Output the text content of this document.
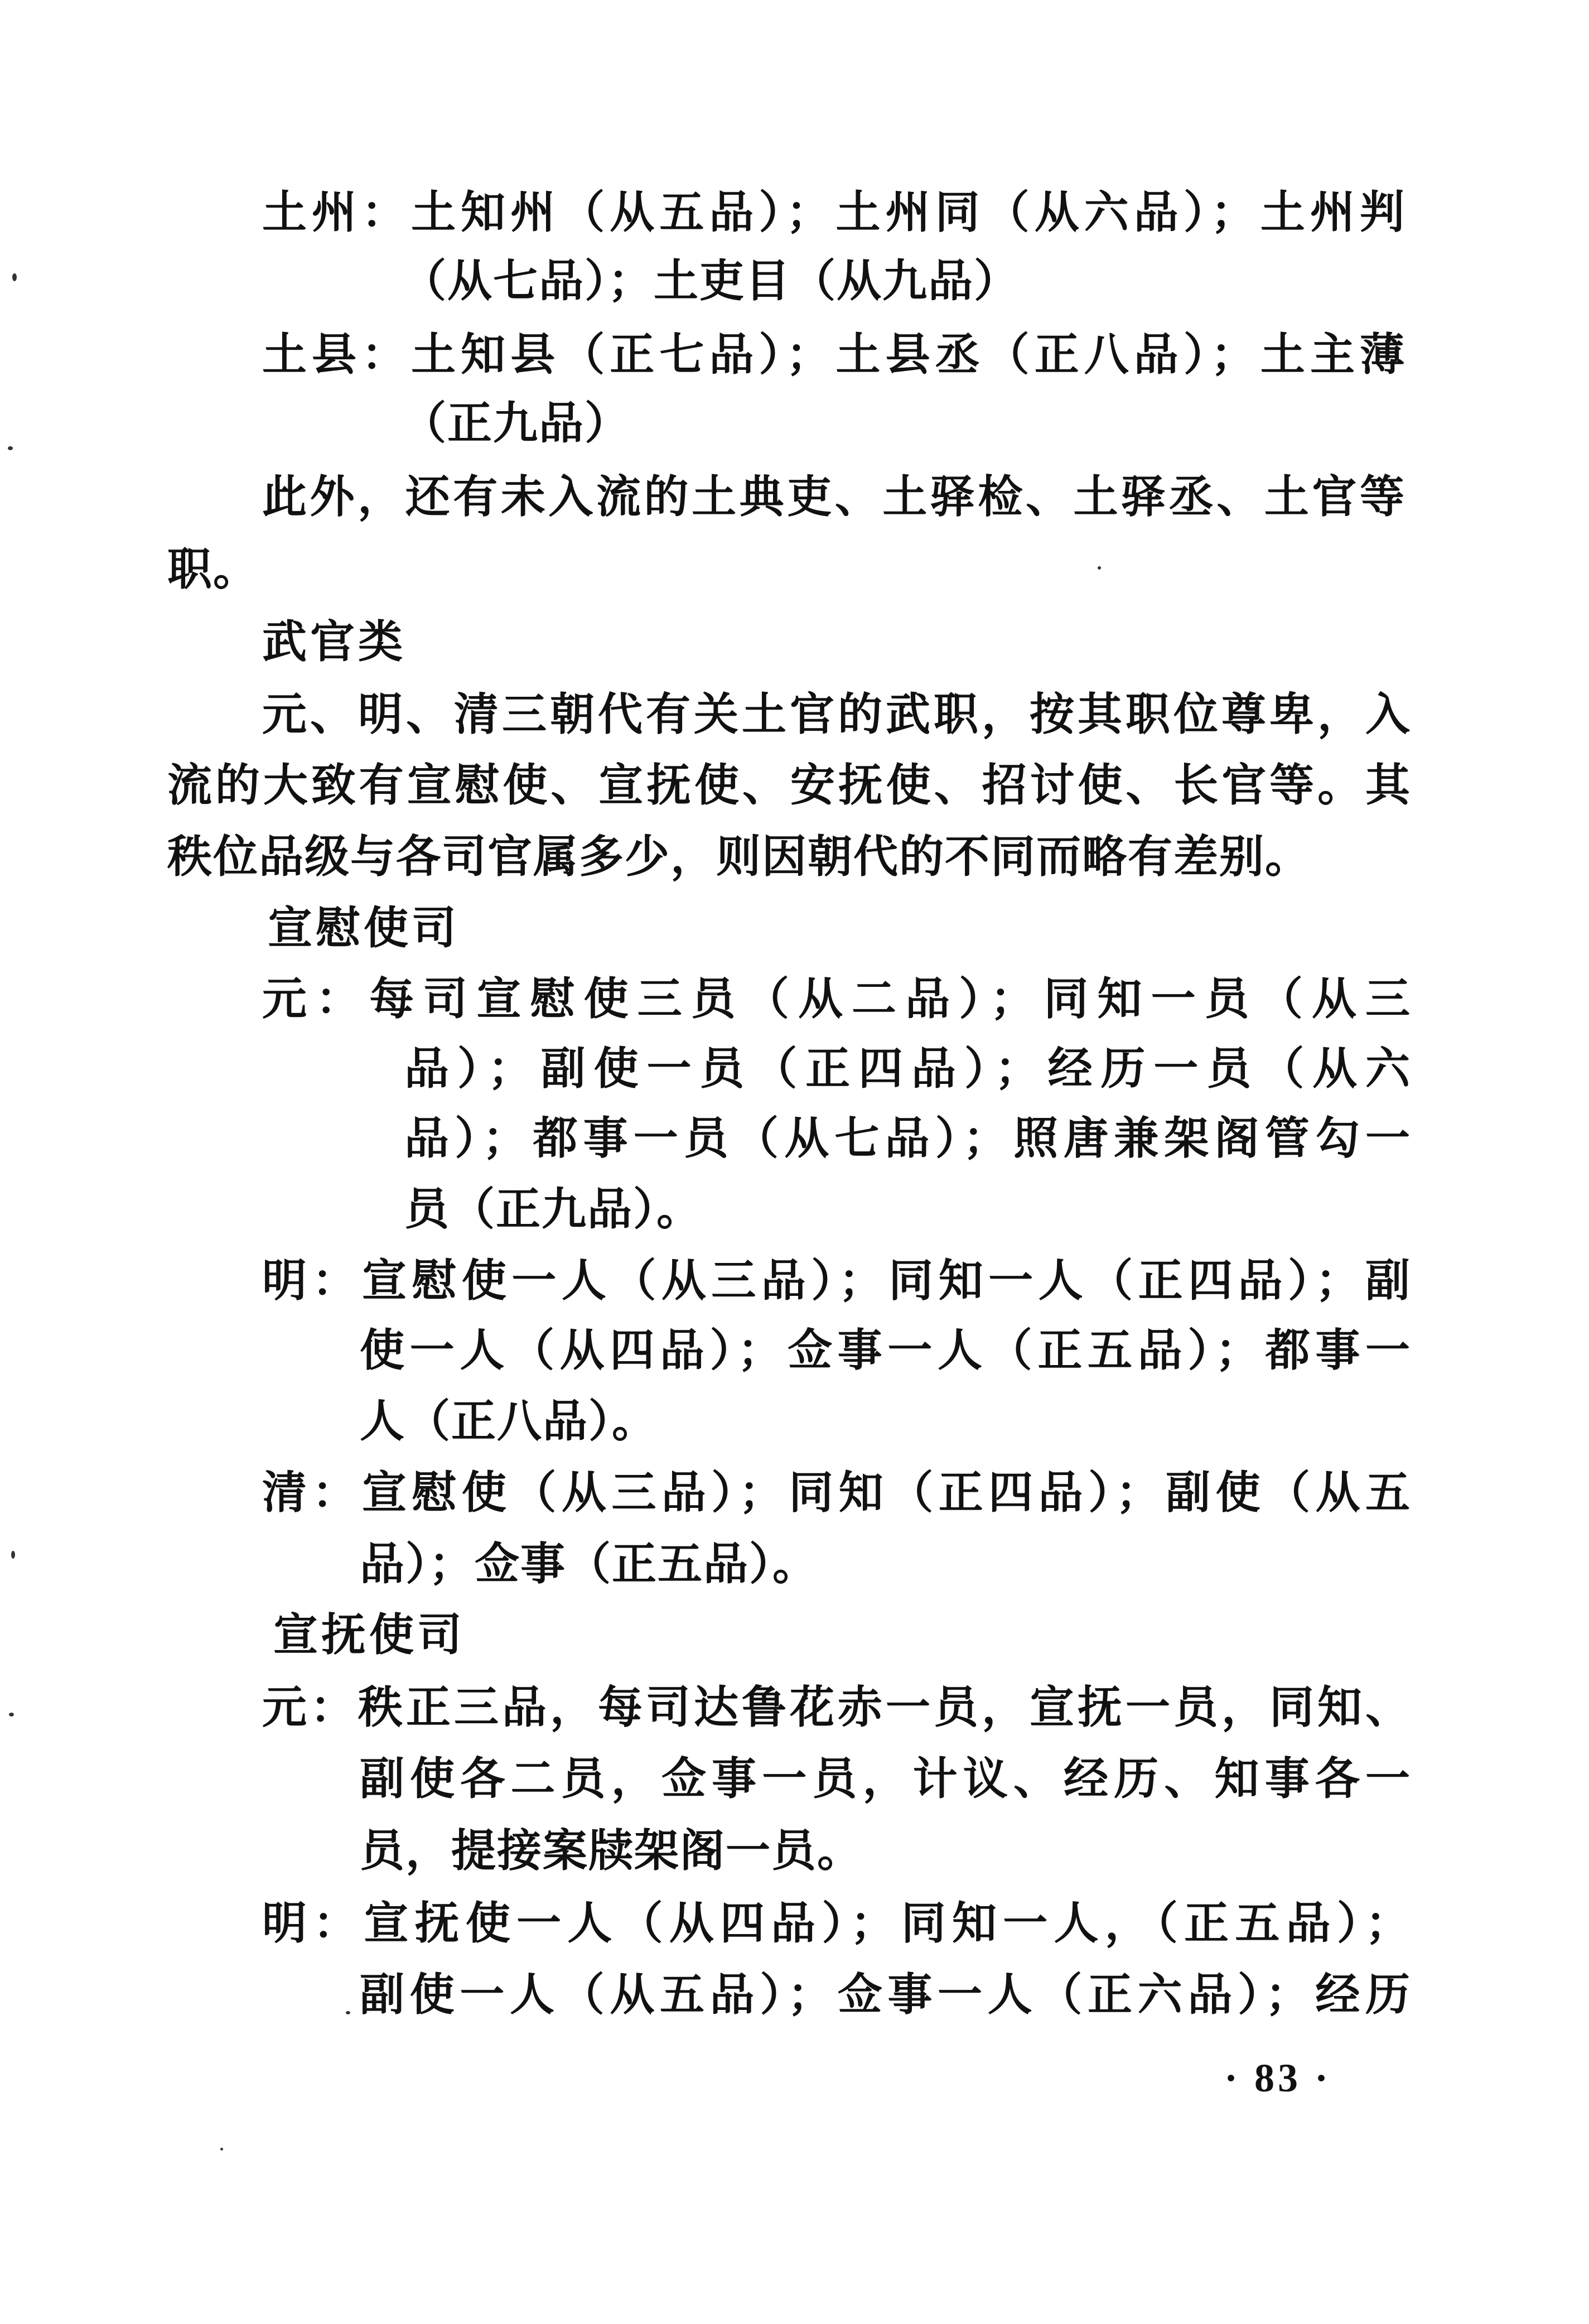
土州：土知州（从五品）；土州同（从六品）；土州判
（从七品）；土吏目（从九品）
土县：土知县（正七品）；土县丞（正八品）；土主薄
（正九品）
此外，还有未入流的土典吏、土驿检、土驿丞、土官等
职。
武官类
元、明、清三朝代有关土官的武职，按其职位尊卑，入
流的大致有宣慰使、宣抚使、安抚使、招讨使、长官等。其
秩位品级与各司官属多少，则因朝代的不同而略有差别。
宣慰使司
元：每司宣慰使三员（从二品）；同知一员（从三
品）；副使一员（正四品）；经历一员（从六
品）；都事一员（从七品）；照唐兼架阁管勾一
员（正九品）。
明：宣慰使一人（从三品）；同知一人（正四品）；副
使一人（从四品）；佥事一人（正五品）；都事一
人（正八品）。
清：宣慰使（从三品）；同知（正四品）；副使（从五
品）；佥事（正五品）。
宣抚使司
元：秩正三品，每司达鲁花赤一员，宣抚一员，同知、
副使各二员，佥事一员，计议、经历、知事各一
员，提接案牍架阁一员。
明：宣抚使一人（从四品）；同知一人，（正五品）；
副使一人（从五品）；佥事一人（正六品）；经历
· 83 ·
